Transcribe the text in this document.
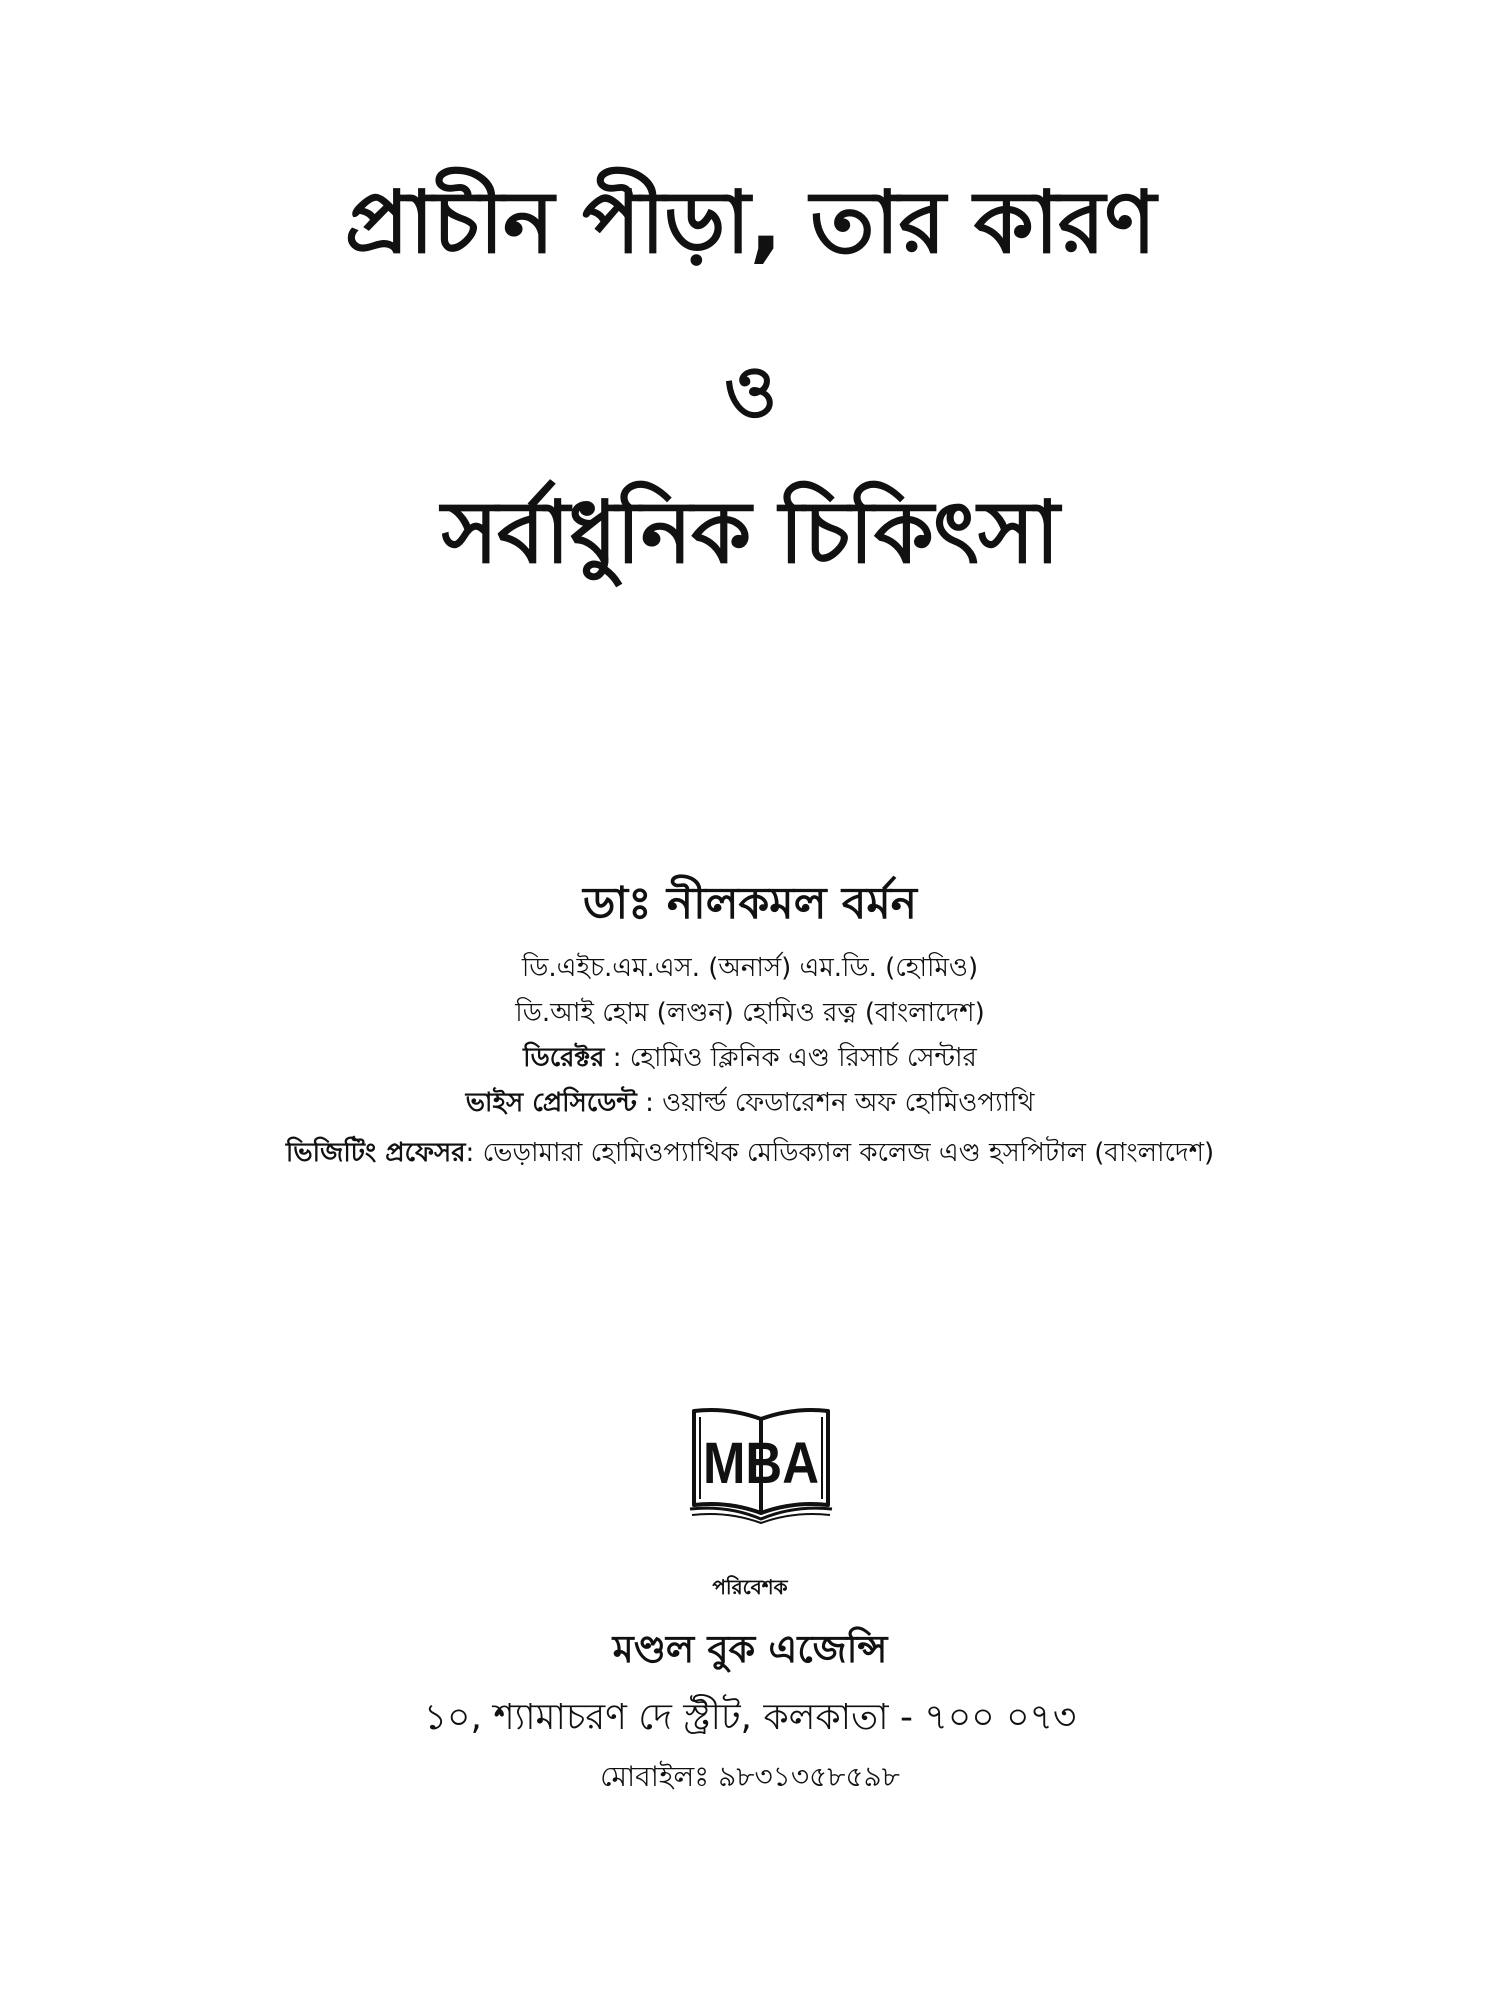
প্রাচীন পীড়া, তার কারণ
ও
সর্বাধুনিক চিকিৎসা
ডাঃ নীলকমল বর্মন
ডি.এইচ.এম.এস. (অনার্স) এম.ডি. (হোমিও)
ডি.আই হোম (লণ্ডন) হোমিও রত্ন (বাংলাদেশ)
ডিরেক্টর : হোমিও ক্লিনিক এণ্ড রিসার্চ সেন্টার
ভাইস প্রেসিডেন্ট : ওয়ার্ল্ড ফেডারেশন অফ হোমিওপ্যাথি
ভিজিটিং প্রফেসর: ভেড়ামারা হোমিওপ্যাথিক মেডিক্যাল কলেজ এণ্ড হসপিটাল (বাংলাদেশ)
MBA
পরিবেশক
মণ্ডল বুক এজেন্সি
১০, শ্যামাচরণ দে স্ট্রীট, কলকাতা - ৭০০ ০৭৩
মোবাইলঃ ৯৮৩১৩৫৮৫৯৮
